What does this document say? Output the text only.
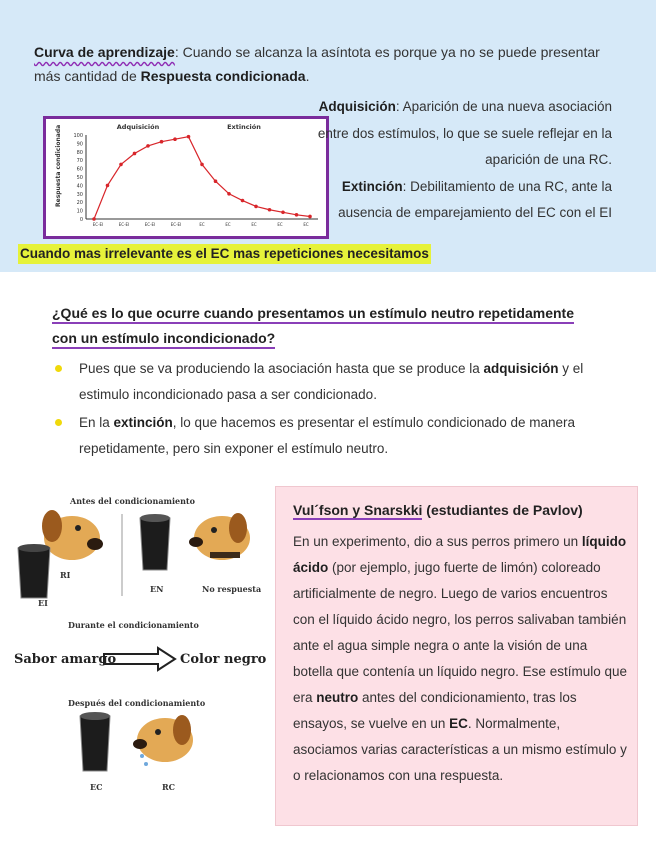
Curva de aprendizaje: Cuando se alcanza la asíntota es porque ya no se puede presentar más cantidad de Respuesta condicionada.
Respuesta condicionada 100
90
80
70
60
50
40
30
20
10
0
Adquisición	Extinción
EC-EI	EC-EI	EC-EI	EC-EI	EC	EC	EC	EC	EC
Adquisición: Aparición de una nueva asociación entre dos estímulos, lo que se suele reflejar en la aparición de una RC.
Extinción: Debilitamiento de una RC, ante la ausencia de emparejamiento del EC con el EI
Cuando mas irrelevante es el EC mas repeticiones necesitamos
¿Qué es lo que ocurre cuando presentamos un estímulo neutro repetidamente
con un estímulo incondicionado?
Pues que se va produciendo la asociación hasta que se produce la adquisición y el estimulo incondicionado pasa a ser condicionado.
En la extinción, lo que hacemos es presentar el estímulo condicionado de manera repetidamente, pero sin exponer el estímulo neutro.
Antes del condicionamiento
RI
EI
EN	No respuesta
Durante el condicionamiento
Sabor amargo	Color negro
Después del condicionamiento
EC	RC
Vul´fson y Snarskki (estudiantes de Pavlov)
En un experimento, dio a sus perros primero un líquido ácido (por ejemplo, jugo fuerte de limón) coloreado artificialmente de negro. Luego de varios encuentros con el líquido ácido negro, los perros salivaban también ante el agua simple negra o ante la visión de una botella que contenía un líquido negro. Ese estímulo que era neutro antes del condicionamiento, tras los ensayos, se vuelve en un EC. Normalmente, asociamos varias características a un mismo estímulo y o relacionamos con una respuesta.
